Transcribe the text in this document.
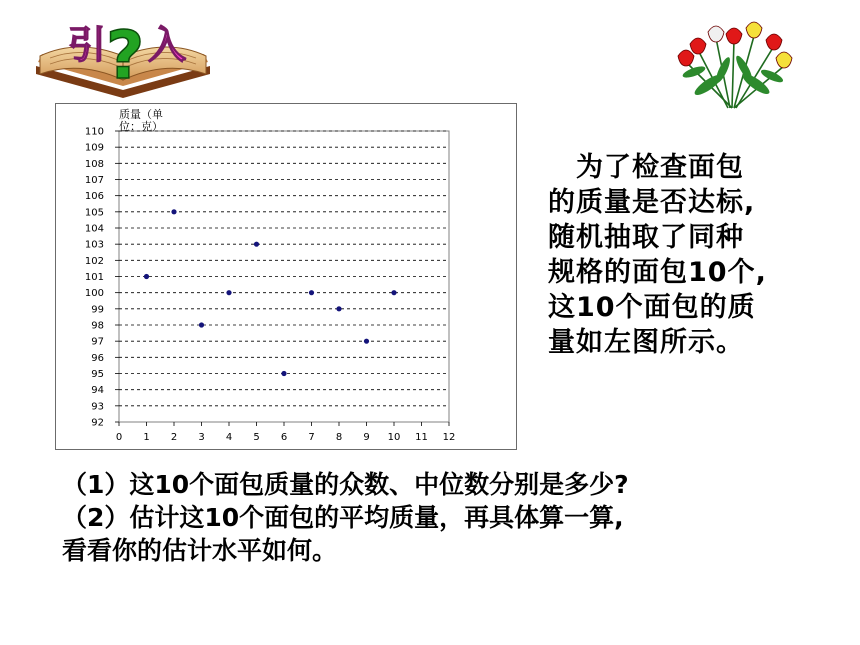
引 ? 入
92
93
94
95
96
97
98
99
100
101
102
103
104
105
106
107
108
109
110
0 1 2 3 4 5 6 7 8 9 10 11 12
质量（单
位：克）
　为了检查面包
的质量是否达标,
随机抽取了同种
规格的面包10个,
这10个面包的质
量如左图所示。
（1）这10个面包质量的众数、中位数分别是多少?
（2）估计这10个面包的平均质量，再具体算一算,
看看你的估计水平如何。
